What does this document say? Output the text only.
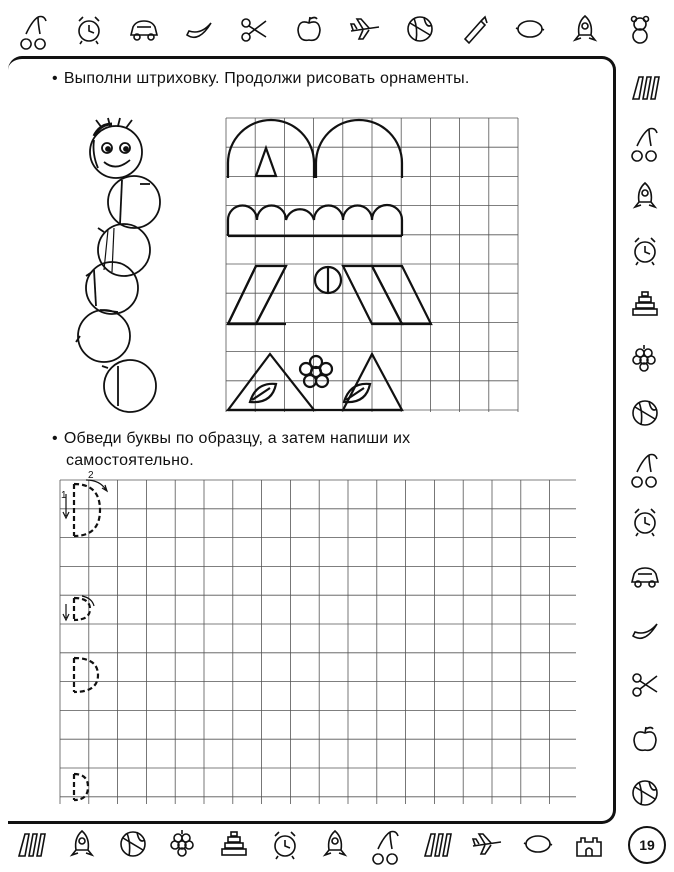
• Выполни штриховку. Продолжи рисовать орнаменты.
• Обведи буквы по образцу, а затем напиши их
самостоятельно.
1
2
19
